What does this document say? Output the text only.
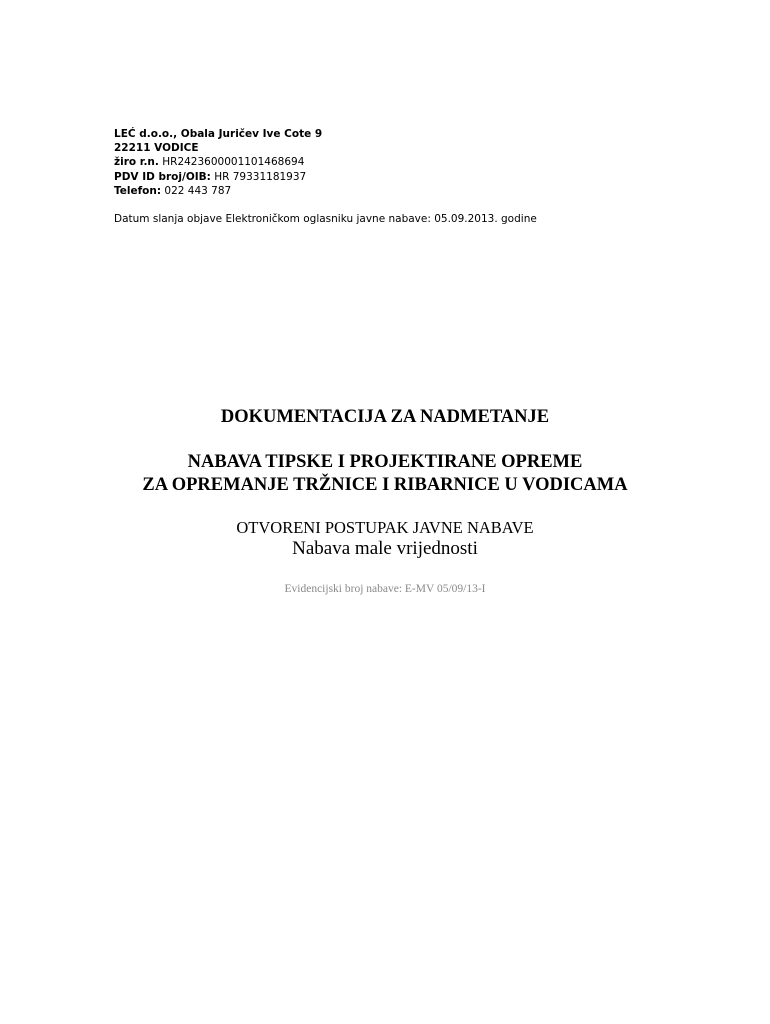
LEĆ d.o.o., Obala Juričev Ive Cote 9
22211 VODICE
žiro r.n. HR2423600001101468694
PDV ID broj/OIB: HR 79331181937
Telefon: 022 443 787
Datum slanja objave Elektroničkom oglasniku javne nabave: 05.09.2013. godine
DOKUMENTACIJA ZA NADMETANJE
NABAVA TIPSKE I PROJEKTIRANE OPREME
ZA OPREMANJE TRŽNICE I RIBARNICE U VODICAMA
OTVORENI POSTUPAK JAVNE NABAVE
Nabava male vrijednosti
Evidencijski broj nabave: E-MV 05/09/13-I
